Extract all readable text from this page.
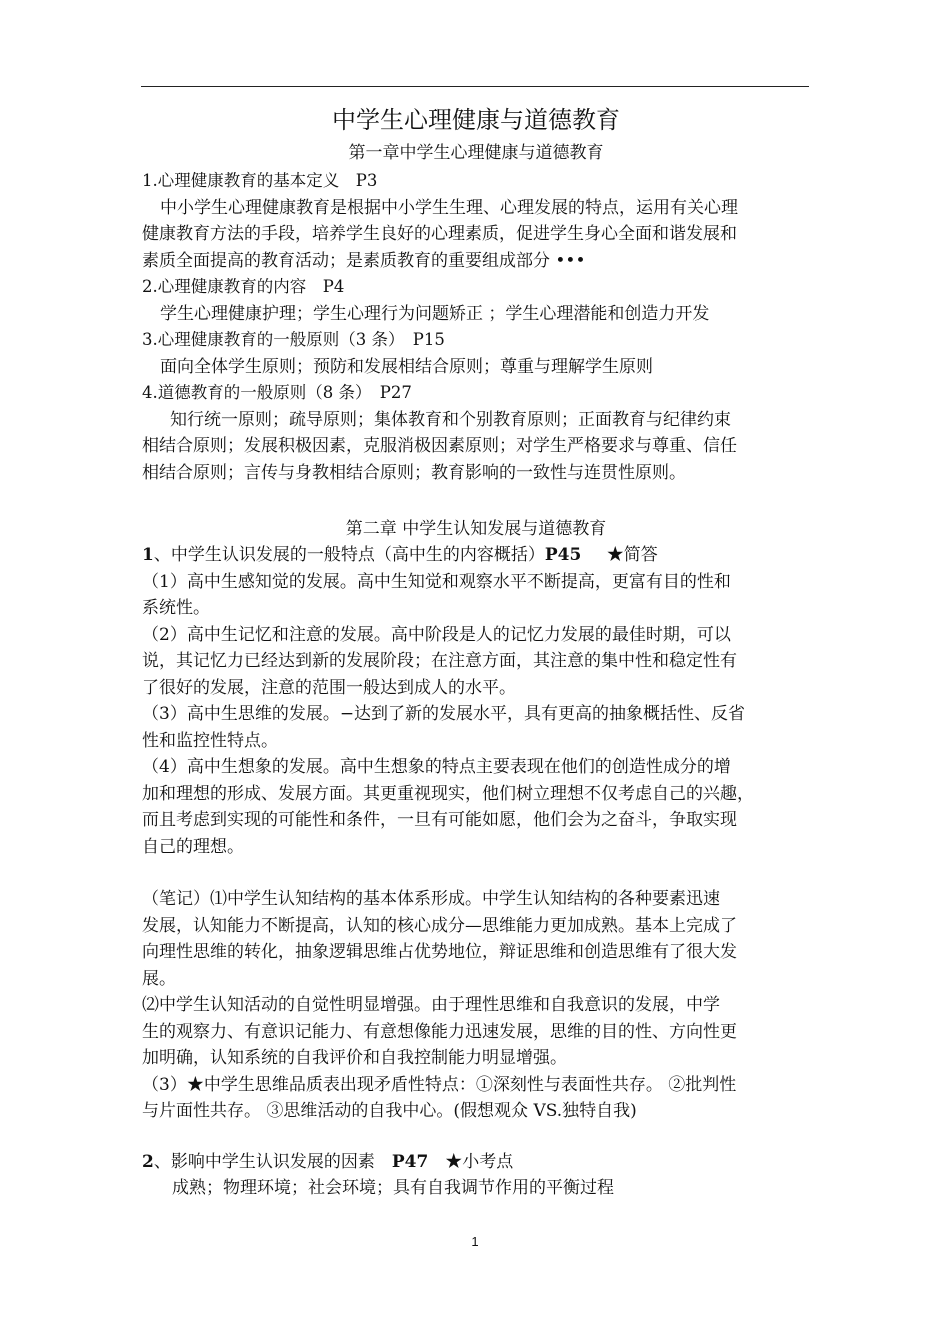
中学生心理健康与道德教育
第一章中学生心理健康与道德教育
1.心理健康教育的基本定义　P3
中小学生心理健康教育是根据中小学生生理、心理发展的特点，运用有关心理
健康教育方法的手段，培养学生良好的心理素质，促进学生身心全面和谐发展和
素质全面提高的教育活动；是素质教育的重要组成部分 •••
2.心理健康教育的内容　P4
学生心理健康护理；学生心理行为问题矫正 ；学生心理潜能和创造力开发
3.心理健康教育的一般原则（3 条）　P15
面向全体学生原则；预防和发展相结合原则；尊重与理解学生原则
4.道德教育的一般原则（8 条）　P27
知行统一原则；疏导原则；集体教育和个别教育原则；正面教育与纪律约束
相结合原则；发展积极因素，克服消极因素原则；对学生严格要求与尊重、信任
相结合原则；言传与身教相结合原则；教育影响的一致性与连贯性原则。
第二章 中学生认知发展与道德教育
1、中学生认识发展的一般特点（高中生的内容概括）P45　  ★简答
（1）高中生感知觉的发展。高中生知觉和观察水平不断提高，更富有目的性和
系统性。
（2）高中生记忆和注意的发展。高中阶段是人的记忆力发展的最佳时期，可以
说，其记忆力已经达到新的发展阶段；在注意方面，其注意的集中性和稳定性有
了很好的发展，注意的范围一般达到成人的水平。
（3）高中生思维的发展。−达到了新的发展水平，具有更高的抽象概括性、反省
性和监控性特点。
（4）高中生想象的发展。高中生想象的特点主要表现在他们的创造性成分的增
加和理想的形成、发展方面。其更重视现实，他们树立理想不仅考虑自己的兴趣，
而且考虑到实现的可能性和条件，一旦有可能如愿，他们会为之奋斗，争取实现
自己的理想。
（笔记）⑴中学生认知结构的基本体系形成。中学生认知结构的各种要素迅速
发展，认知能力不断提高，认知的核心成分—思维能力更加成熟。基本上完成了
向理性思维的转化，抽象逻辑思维占优势地位，辩证思维和创造思维有了很大发
展。
⑵中学生认知活动的自觉性明显增强。由于理性思维和自我意识的发展，中学
生的观察力、有意识记能力、有意想像能力迅速发展，思维的目的性、方向性更
加明确，认知系统的自我评价和自我控制能力明显增强。
（3）★中学生思维品质表出现矛盾性特点：①深刻性与表面性共存。 ②批判性
与片面性共存。 ③思维活动的自我中心。(假想观众 VS.独特自我)
2、影响中学生认识发展的因素　 P47　 ★小考点
成熟；物理环境；社会环境；具有自我调节作用的平衡过程
1
